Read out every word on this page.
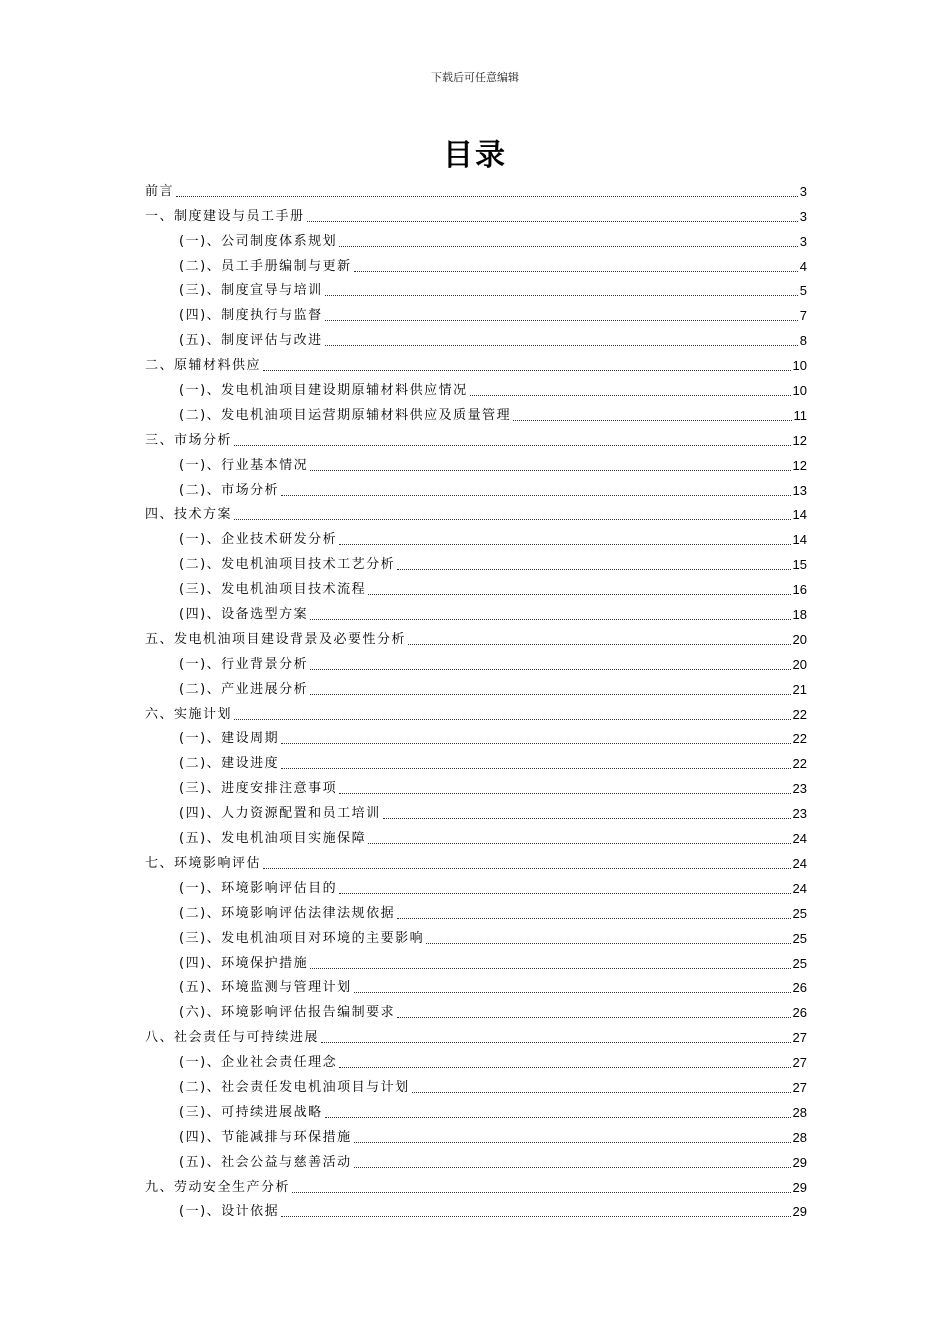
下载后可任意编辑
目录
前言	3
一、制度建设与员工手册	3
(一)、公司制度体系规划	3
(二)、员工手册编制与更新	4
(三)、制度宣导与培训	5
(四)、制度执行与监督	7
(五)、制度评估与改进	8
二、原辅材料供应	10
(一)、发电机油项目建设期原辅材料供应情况	10
(二)、发电机油项目运营期原辅材料供应及质量管理	11
三、市场分析	12
(一)、行业基本情况	12
(二)、市场分析	13
四、技术方案	14
(一)、企业技术研发分析	14
(二)、发电机油项目技术工艺分析	15
(三)、发电机油项目技术流程	16
(四)、设备选型方案	18
五、发电机油项目建设背景及必要性分析	20
(一)、行业背景分析	20
(二)、产业进展分析	21
六、实施计划	22
(一)、建设周期	22
(二)、建设进度	22
(三)、进度安排注意事项	23
(四)、人力资源配置和员工培训	23
(五)、发电机油项目实施保障	24
七、环境影响评估	24
(一)、环境影响评估目的	24
(二)、环境影响评估法律法规依据	25
(三)、发电机油项目对环境的主要影响	25
(四)、环境保护措施	25
(五)、环境监测与管理计划	26
(六)、环境影响评估报告编制要求	26
八、社会责任与可持续进展	27
(一)、企业社会责任理念	27
(二)、社会责任发电机油项目与计划	27
(三)、可持续进展战略	28
(四)、节能减排与环保措施	28
(五)、社会公益与慈善活动	29
九、劳动安全生产分析	29
(一)、设计依据	29
